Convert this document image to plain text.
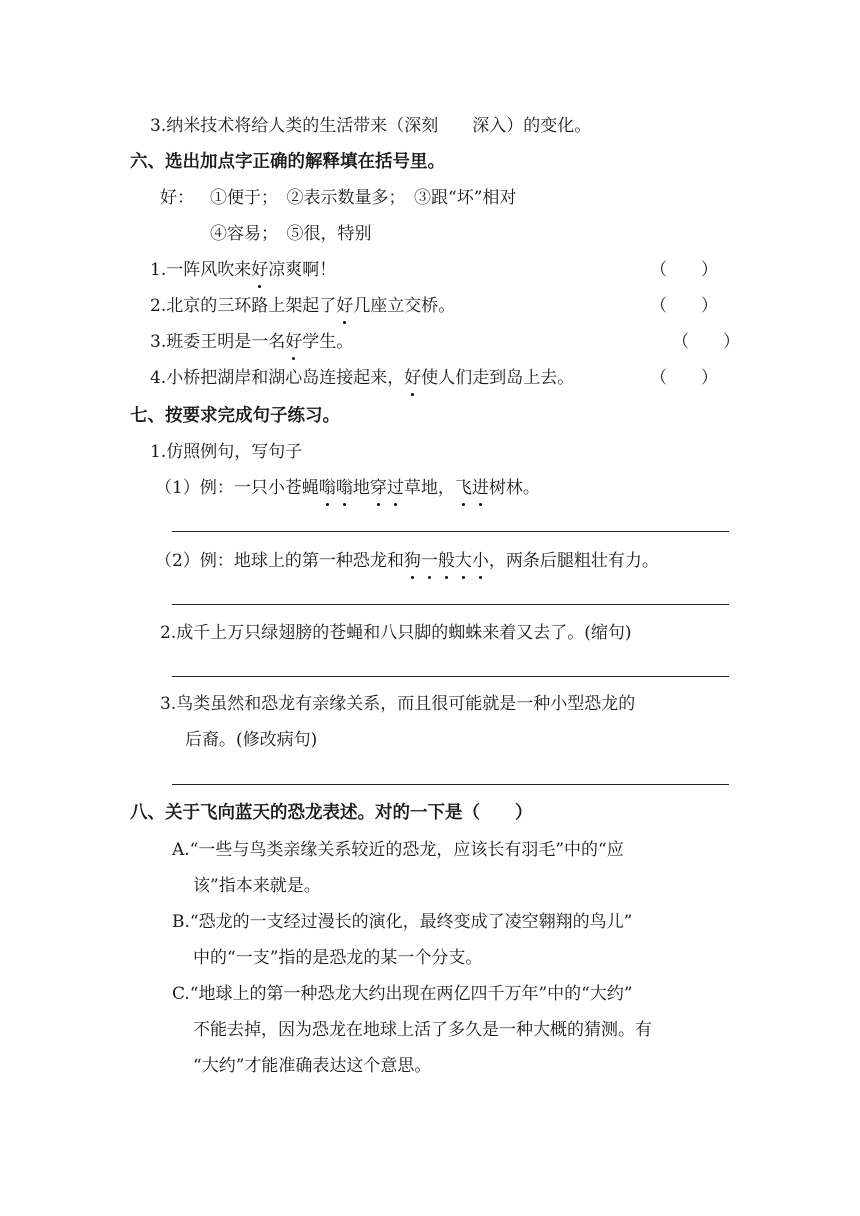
3.纳米技术将给人类的生活带来（深刻　　深入）的变化。
六、选出加点字正确的解释填在括号里。
好： ①便于；　②表示数量多；　③跟“坏”相对
④容易；　⑤很，特别
1.一阵风吹来好凉爽啊！	（　　）
2.北京的三环路上架起了好几座立交桥。	（　　）
3.班委王明是一名好学生。	（　　）
4.小桥把湖岸和湖心岛连接起来，好使人们走到岛上去。	（　　）
七、按要求完成句子练习。
1.仿照例句，写句子
（1）例：一只小苍蝇嗡嗡地穿过草地，飞进树林。
（2）例：地球上的第一种恐龙和狗一般大小，两条后腿粗壮有力。
2.成千上万只绿翅膀的苍蝇和八只脚的蜘蛛来着又去了。(缩句)
3.鸟类虽然和恐龙有亲缘关系，而且很可能就是一种小型恐龙的
后裔。(修改病句)
八、关于飞向蓝天的恐龙表述。对的一下是（　　）
A.“一些与鸟类亲缘关系较近的恐龙，应该长有羽毛”中的“应
该”指本来就是。
B.“恐龙的一支经过漫长的演化，最终变成了凌空翱翔的鸟儿”
中的“一支”指的是恐龙的某一个分支。
C.“地球上的第一种恐龙大约出现在两亿四千万年”中的“大约”
不能去掉，因为恐龙在地球上活了多久是一种大概的猜测。有
“大约”才能准确表达这个意思。
